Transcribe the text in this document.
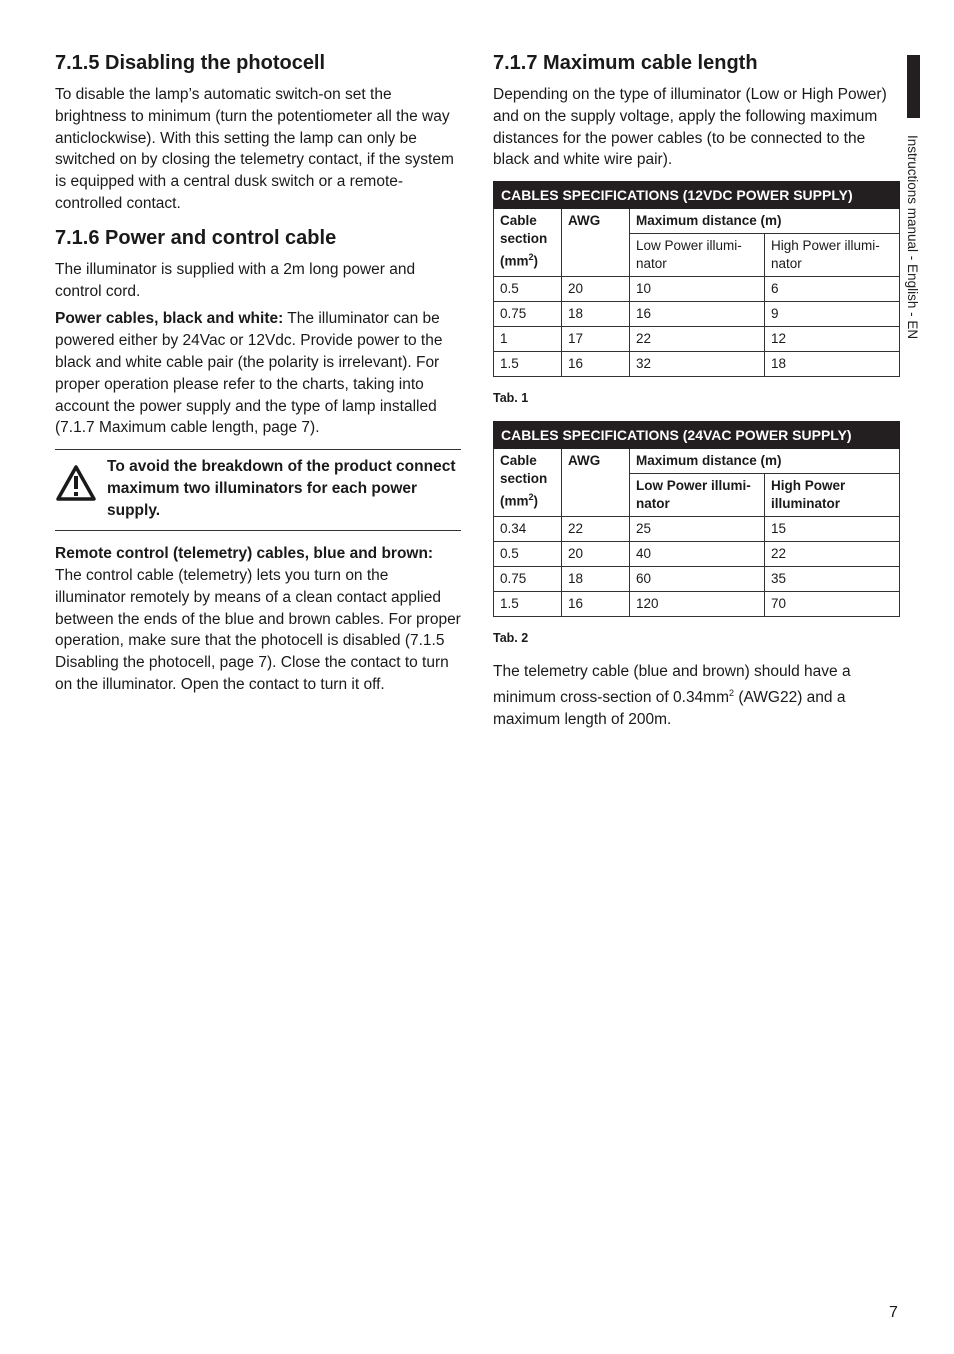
Instructions manual - English - EN
7.1.5 Disabling the photocell

To disable the lamp’s automatic switch-on set the brightness to minimum (turn the potentiometer all the way anticlockwise). With this setting the lamp can only be switched on by closing the telemetry contact, if the system is equipped with a central dusk switch or a remote-controlled contact.

7.1.6 Power and control cable

The illuminator is supplied with a 2m long power and control cord.

Power cables, black and white: The illuminator can be powered either by 24Vac or 12Vdc. Provide power to the black and white cable pair (the polarity is irrelevant). For proper operation please refer to the charts, taking into account the power supply and the type of lamp installed (7.1.7 Maximum cable length, page 7).

To avoid the breakdown of the product connect maximum two illuminators for each power supply.

Remote control (telemetry) cables, blue and brown: The control cable (telemetry) lets you turn on the illuminator remotely by means of a clean contact applied between the ends of the blue and brown cables. For proper operation, make sure that the photocell is disabled (7.1.5 Disabling the photocell, page 7). Close the contact to turn on the illuminator. Open the contact to turn it off.

7.1.7 Maximum cable length

Depending on the type of illuminator (Low or High Power) and on the supply voltage, apply the following maximum distances for the power cables (to be connected to the black and white wire pair).

CABLES SPECIFICATIONS (12VDC POWER SUPPLY)			
Cable section
$(mm^2)$	AWG	Maximum distance (m)	
		Low Power illumi-nator	High Power illumi-nator
0.5	20	10	6
0.75	18	16	9
1	17	22	12
1.5	16	32	18
Tab. 1
CABLES SPECIFICATIONS (24VAC POWER SUPPLY)			
Cable section
$(mm^2)$	AWG	Maximum distance (m)	
		Low Power illumi-nator	High Power illuminator
0.34	22	25	15
0.5	20	40	22
0.75	18	60	35
1.5	16	120	70
Tab. 2

The telemetry cable (blue and brown) should have a minimum cross-section of $0.34mm^2$ (AWG22) and a maximum length of 200m.

7
